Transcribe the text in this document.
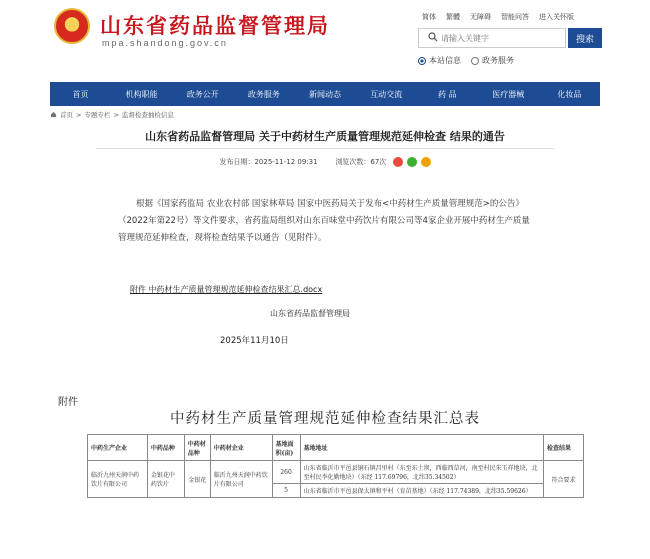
山东省药品监督管理局
mpa.shandong.gov.cn
简体 繁體 无障碍 智能问答 进入关怀版
请输入关键字
搜索
本站信息	政务服务
首页	机构职能	政务公开	政务服务	新闻动态	互动交流	药 品	医疗器械	化妆品
首页 > 专题专栏 > 监督检查抽检信息
山东省药品监督管理局 关于中药材生产质量管理规范延伸检查 结果的通告
发布日期：2025-11-12 09:31	浏览次数：67次
根据《国家药监局 农业农村部 国家林草局 国家中医药局关于发布<中药材生产质量管理规范>的公告》（2022年第22号）等文件要求，省药监局组织对山东百味堂中药饮片有限公司等4家企业开展中药材生产质量管理规范延伸检查，现将检查结果予以通告（见附件）。
附件 中药材生产质量管理规范延伸检查结果汇总.docx
山东省药品监督管理局
2025年11月10日
附件
中药材生产质量管理规范延伸检查结果汇总表
中药生产企业	中药品种	中药材品种	中药材企业	基地面积(亩)	基地地址	检查结果
临沂九州天润中药饮片有限公司	金银花中药饮片	金银花	临沂九州天润中药饮片有限公司	260	山东省临沂市平邑县铜石镇昌里村（东至东土坝，西临西草河，南至村民朱玉祥地块，北至村民李化勤地块）（东经 117.69796，北纬35.34502）	符合要求
				5	山东省临沂市平邑县保太镇和平村（育苗基地）（东经 117.74389，北纬35.59626）	
